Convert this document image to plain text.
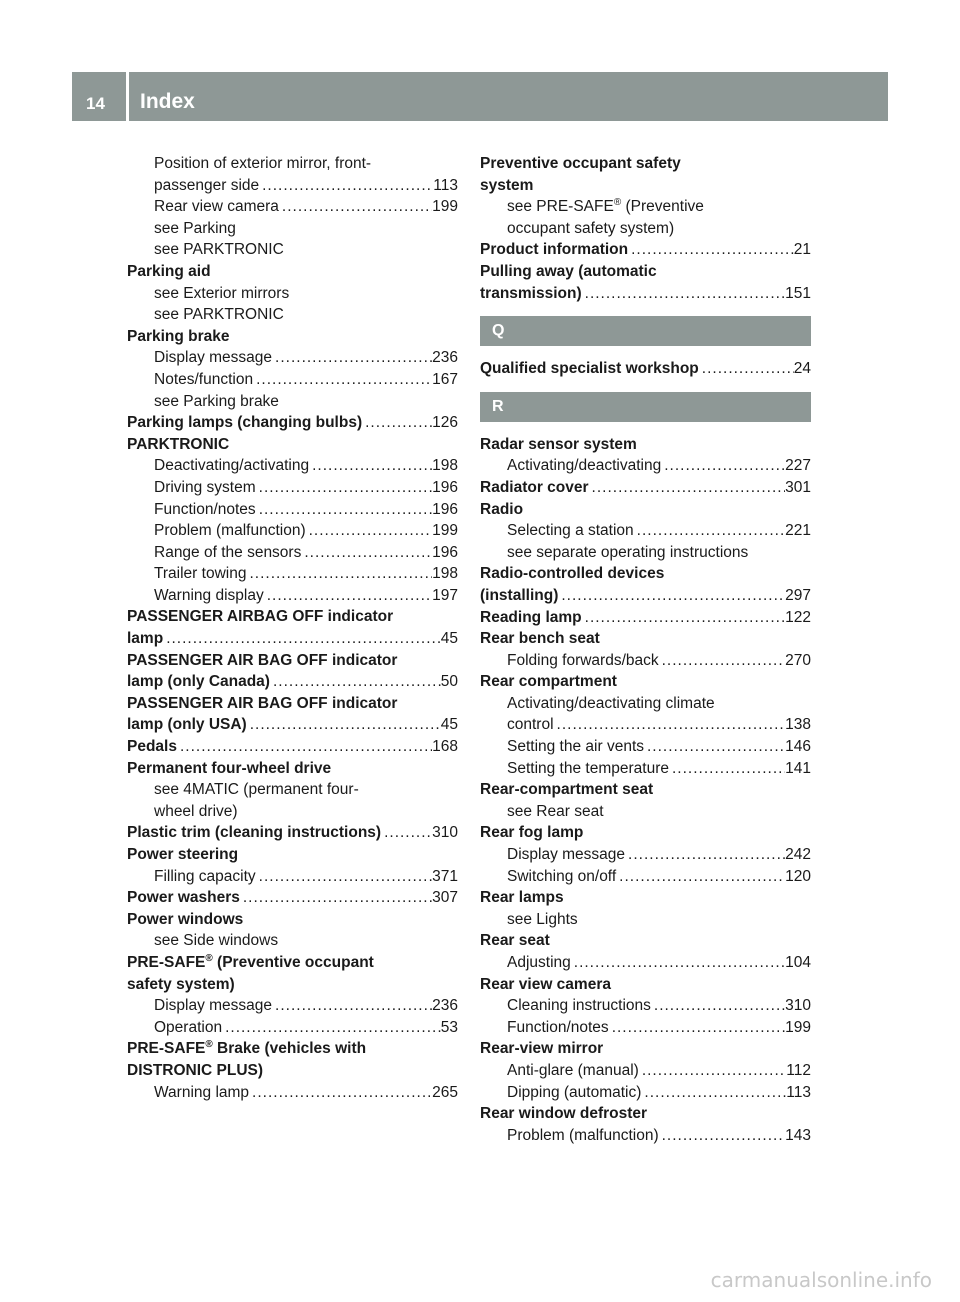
14 Index
Position of exterior mirror, front-
passenger side .....	113
Rear view camera .....	199
see Parking
see PARKTRONIC
Parking aid
see Exterior mirrors
see PARKTRONIC
Parking brake
Display message .....	236
Notes/function .....	167
see Parking brake
Parking lamps (changing bulbs) .....	126
PARKTRONIC
Deactivating/activating .....	198
Driving system .....	196
Function/notes .....	196
Problem (malfunction) .....	199
Range of the sensors .....	196
Trailer towing .....	198
Warning display .....	197
PASSENGER AIRBAG OFF indicator
lamp .....	45
PASSENGER AIR BAG OFF indicator
lamp (only Canada) .....	50
PASSENGER AIR BAG OFF indicator
lamp (only USA) .....	45
Pedals .....	168
Permanent four-wheel drive
see 4MATIC (permanent four-
wheel drive)
Plastic trim (cleaning instructions) .....	310
Power steering
Filling capacity .....	371
Power washers .....	307
Power windows
see Side windows
PRE-SAFE® (Preventive occupant
safety system)
Display message .....	236
Operation .....	53
PRE-SAFE® Brake (vehicles with
DISTRONIC PLUS)
Warning lamp .....	265
Preventive occupant safety
system
see PRE-SAFE® (Preventive
occupant safety system)
Product information .....	21
Pulling away (automatic
transmission) .....	151
Q
Qualified specialist workshop .....	24
R
Radar sensor system
Activating/deactivating .....	227
Radiator cover .....	301
Radio
Selecting a station .....	221
see separate operating instructions
Radio-controlled devices
(installing) .....	297
Reading lamp .....	122
Rear bench seat
Folding forwards/back .....	270
Rear compartment
Activating/deactivating climate
control .....	138
Setting the air vents .....	146
Setting the temperature .....	141
Rear-compartment seat
see Rear seat
Rear fog lamp
Display message .....	242
Switching on/off .....	120
Rear lamps
see Lights
Rear seat
Adjusting .....	104
Rear view camera
Cleaning instructions .....	310
Function/notes .....	199
Rear-view mirror
Anti-glare (manual) .....	112
Dipping (automatic) .....	113
Rear window defroster
Problem (malfunction) .....	143
carmanualsonline.info
